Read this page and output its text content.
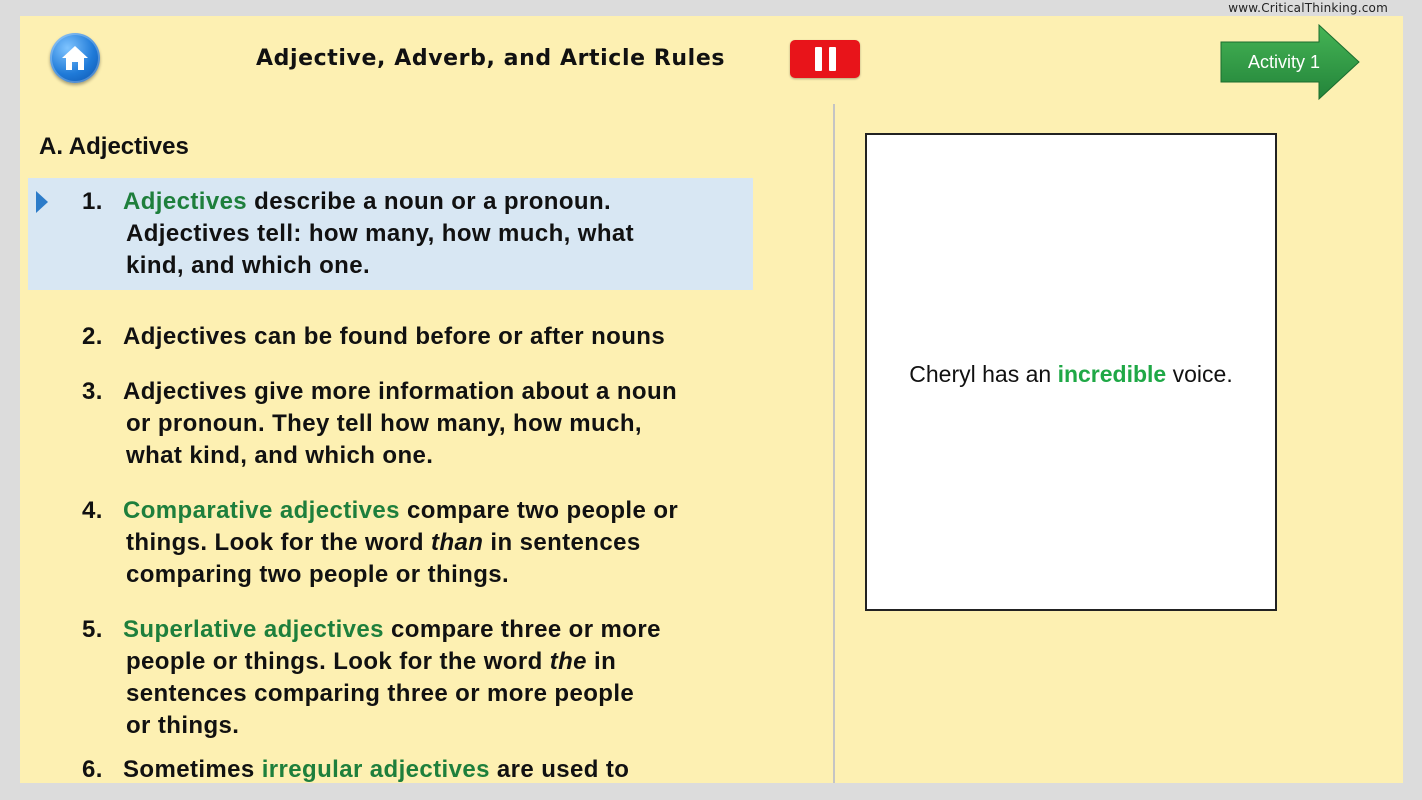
www.CriticalThinking.com
Adjective, Adverb, and Article Rules	Activity 1
A. Adjectives
1. Adjectives describe a noun or a pronoun.
Adjectives tell: how many, how much, what
kind, and which one.
2. Adjectives can be found before or after nouns
3. Adjectives give more information about a noun
or pronoun. They tell how many, how much,
what kind, and which one.
4. Comparative adjectives compare two people or
things. Look for the word than in sentences
comparing two people or things.
5. Superlative adjectives compare three or more
people or things. Look for the word the in
sentences comparing three or more people
or things.
6. Sometimes irregular adjectives are used to
Cheryl has an incredible voice.
